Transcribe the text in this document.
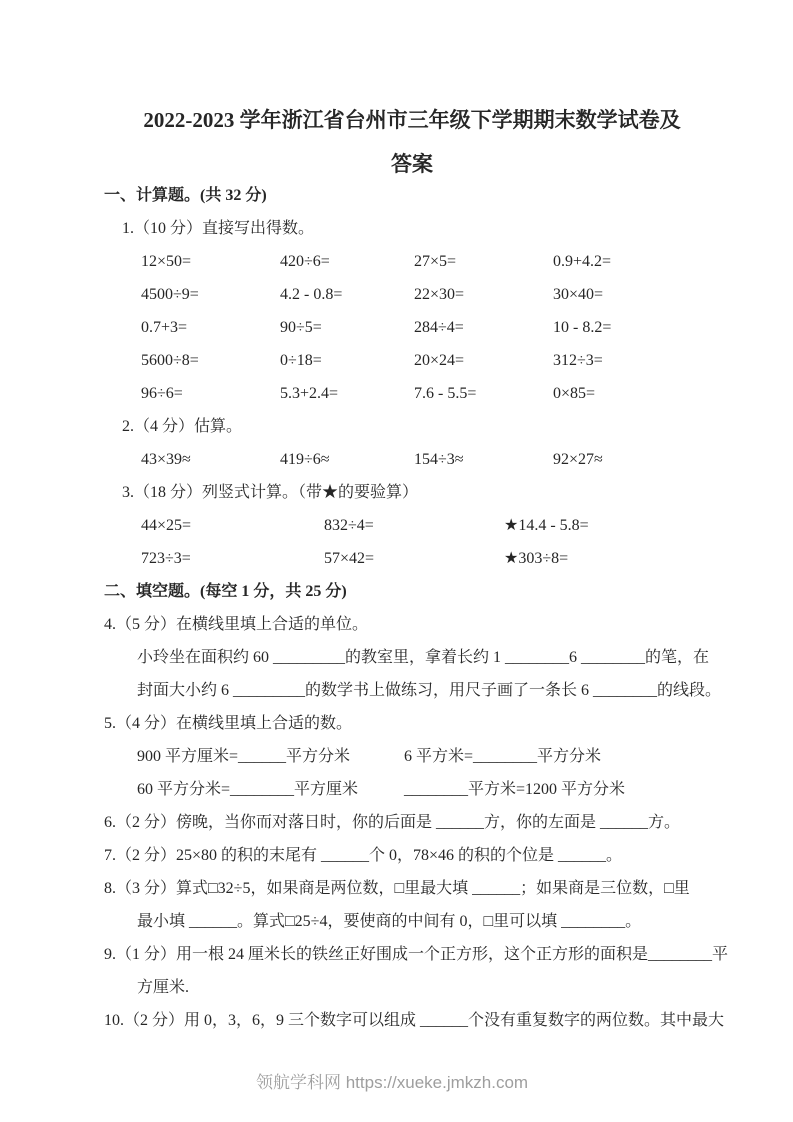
2022-2023 学年浙江省台州市三年级下学期期末数学试卷及
答案
一、计算题。(共 32 分)
1.（10 分）直接写出得数。
12×50=	420÷6=	27×5=	0.9+4.2=
4500÷9=	4.2 - 0.8=	22×30=	30×40=
0.7+3=	90÷5=	284÷4=	10 - 8.2=
5600÷8=	0÷18=	20×24=	312÷3=
96÷6=	5.3+2.4=	7.6 - 5.5=	0×85=
2.（4 分）估算。
43×39≈	419÷6≈	154÷3≈	92×27≈
3.（18 分）列竖式计算。（带★的要验算）
44×25=	832÷4=	★14.4 - 5.8=
723÷3=	57×42=	★303÷8=
二、填空题。(每空 1 分，共 25 分)
4.（5 分）在横线里填上合适的单位。
小玲坐在面积约 60 _________的教室里，拿着长约 1 ________6 ________的笔，在
封面大小约 6 _________的数学书上做练习，用尺子画了一条长 6 ________的线段。
5.（4 分）在横线里填上合适的数。
900 平方厘米=______平方分米	6 平方米=________平方分米
60 平方分米=________平方厘米	________平方米=1200 平方分米
6.（2 分）傍晚，当你而对落日时，你的后面是 ______方，你的左面是 ______方。
7.（2 分）25×80 的积的末尾有 ______个 0，78×46 的积的个位是 ______。
8.（3 分）算式□32÷5，如果商是两位数，□里最大填 ______；如果商是三位数，□里
最小填 ______。算式□25÷4，要使商的中间有 0，□里可以填 ________。
9.（1 分）用一根 24 厘米长的铁丝正好围成一个正方形，这个正方形的面积是________平
方厘米.
10.（2 分）用 0，3，6，9 三个数字可以组成 ______个没有重复数字的两位数。其中最大
领航学科网 https://xueke.jmkzh.com
